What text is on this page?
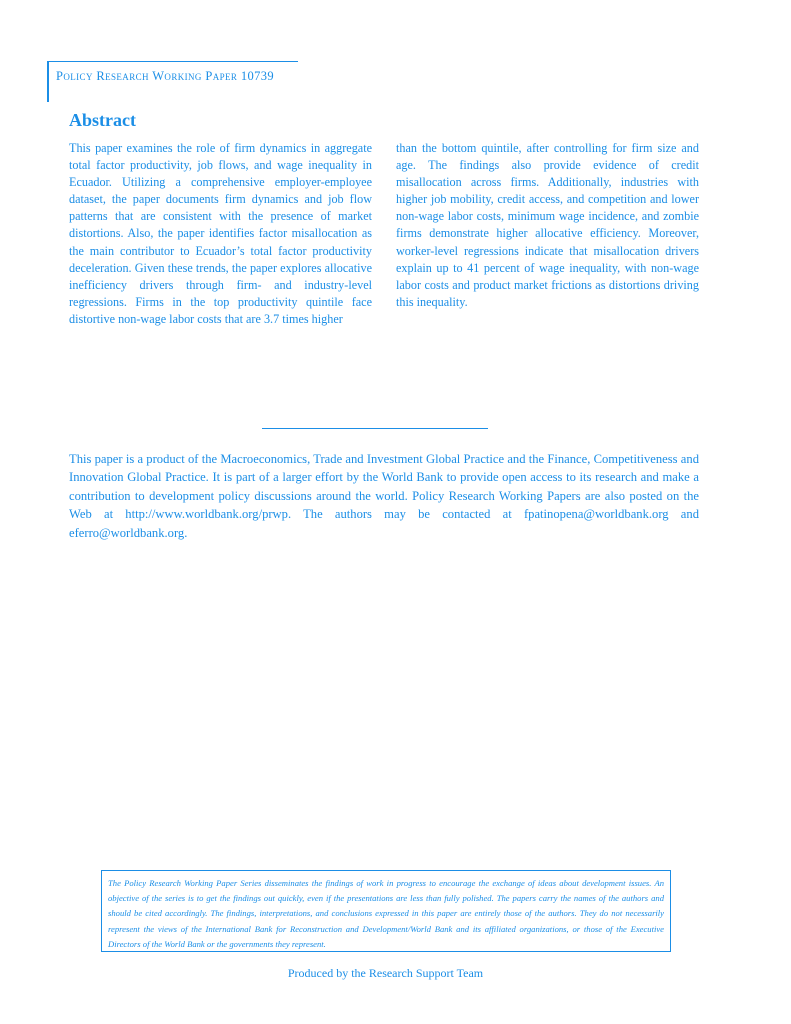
Policy Research Working Paper 10739
Abstract

This paper examines the role of firm dynamics in aggregate total factor productivity, job flows, and wage inequality in Ecuador. Utilizing a comprehensive employer-employee dataset, the paper documents firm dynamics and job flow patterns that are consistent with the presence of market distortions. Also, the paper identifies factor misallocation as the main contributor to Ecuador’s total factor productivity deceleration. Given these trends, the paper explores allocative inefficiency drivers through firm- and industry-level regressions. Firms in the top productivity quintile face distortive non-wage labor costs that are 3.7 times higher

than the bottom quintile, after controlling for firm size and age. The findings also provide evidence of credit misallocation across firms. Additionally, industries with higher job mobility, credit access, and competition and lower non-wage labor costs, minimum wage incidence, and zombie firms demonstrate higher allocative efficiency. Moreover, worker-level regressions indicate that misallocation drivers explain up to 41 percent of wage inequality, with non-wage labor costs and product market frictions as distortions driving this inequality.

This paper is a product of the Macroeconomics, Trade and Investment Global Practice and the Finance, Competitiveness and Innovation Global Practice. It is part of a larger effort by the World Bank to provide open access to its research and make a contribution to development policy discussions around the world. Policy Research Working Papers are also posted on the Web at http://www.worldbank.org/prwp. The authors may be contacted at fpatinopena@worldbank.org and eferro@worldbank.org.

The Policy Research Working Paper Series disseminates the findings of work in progress to encourage the exchange of ideas about development issues. An objective of the series is to get the findings out quickly, even if the presentations are less than fully polished. The papers carry the names of the authors and should be cited accordingly. The findings, interpretations, and conclusions expressed in this paper are entirely those of the authors. They do not necessarily represent the views of the International Bank for Reconstruction and Development/World Bank and its affiliated organizations, or those of the Executive Directors of the World Bank or the governments they represent.
Produced by the Research Support Team
